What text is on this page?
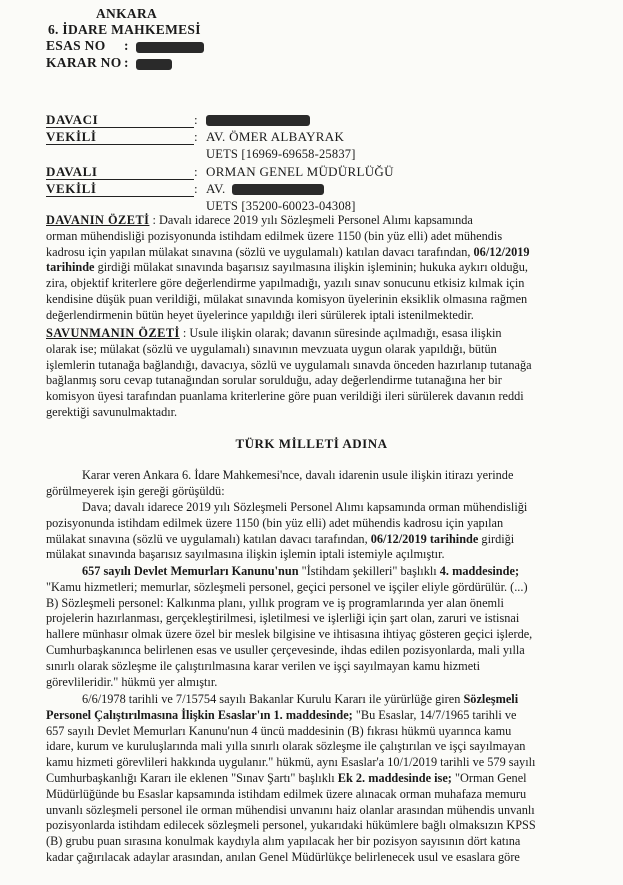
ANKARA
6. İDARE MAHKEMESİ
ESAS NO :
KARAR NO :
DAVACI	:
VEKİLİ	: AV. ÖMER ALBAYRAK
UETS [16969-69658-25837]
DAVALI	: ORMAN GENEL MÜDÜRLÜĞÜ
VEKİLİ	: AV.
UETS [35200-60023-04308]

DAVANIN ÖZETİ : Davalı idarece 2019 yılı Sözleşmeli Personel Alımı kapsamında

orman mühendisliği pozisyonunda istihdam edilmek üzere 1150 (bin yüz elli) adet mühendis

kadrosu için yapılan mülakat sınavına (sözlü ve uygulamalı) katılan davacı tarafından, 06/12/2019

tarihinde girdiği mülakat sınavında başarısız sayılmasına ilişkin işleminin; hukuka aykırı olduğu,

zira, objektif kriterlere göre değerlendirme yapılmadığı, yazılı sınav sonucunu etkisiz kılmak için

kendisine düşük puan verildiği, mülakat sınavında komisyon üyelerinin eksiklik olmasına rağmen

değerlendirmenin bütün heyet üyelerince yapıldığı ileri sürülerek iptali istenilmektedir.

SAVUNMANIN ÖZETİ : Usule ilişkin olarak; davanın süresinde açılmadığı, esasa ilişkin

olarak ise; mülakat (sözlü ve uygulamalı) sınavının mevzuata uygun olarak yapıldığı, bütün

işlemlerin tutanağa bağlandığı, davacıya, sözlü ve uygulamalı sınavda önceden hazırlanıp tutanağa

bağlanmış soru cevap tutanağından sorular sorulduğu, aday değerlendirme tutanağına her bir

komisyon üyesi tarafından puanlama kriterlerine göre puan verildiği ileri sürülerek davanın reddi

gerektiği savunulmaktadır.

TÜRK MİLLETİ ADINA

Karar veren Ankara 6. İdare Mahkemesi'nce, davalı idarenin usule ilişkin itirazı yerinde

görülmeyerek işin gereği görüşüldü:

Dava; davalı idarece 2019 yılı Sözleşmeli Personel Alımı kapsamında orman mühendisliği

pozisyonunda istihdam edilmek üzere 1150 (bin yüz elli) adet mühendis kadrosu için yapılan

mülakat sınavına (sözlü ve uygulamalı) katılan davacı tarafından, 06/12/2019 tarihinde girdiği

mülakat sınavında başarısız sayılmasına ilişkin işlemin iptali istemiyle açılmıştır.

657 sayılı Devlet Memurları Kanunu'nun "İstihdam şekilleri" başlıklı 4. maddesinde;

"Kamu hizmetleri; memurlar, sözleşmeli personel, geçici personel ve işçiler eliyle gördürülür. (...)

B) Sözleşmeli personel: Kalkınma planı, yıllık program ve iş programlarında yer alan önemli

projelerin hazırlanması, gerçekleştirilmesi, işletilmesi ve işlerliği için şart olan, zaruri ve istisnai

hallere münhasır olmak üzere özel bir meslek bilgisine ve ihtisasına ihtiyaç gösteren geçici işlerde,

Cumhurbaşkanınca belirlenen esas ve usuller çerçevesinde, ihdas edilen pozisyonlarda, mali yılla

sınırlı olarak sözleşme ile çalıştırılmasına karar verilen ve işçi sayılmayan kamu hizmeti

görevlileridir." hükmü yer almıştır.

6/6/1978 tarihli ve 7/15754 sayılı Bakanlar Kurulu Kararı ile yürürlüğe giren Sözleşmeli

Personel Çalıştırılmasına İlişkin Esaslar'ın 1. maddesinde; "Bu Esaslar, 14/7/1965 tarihli ve

657 sayılı Devlet Memurları Kanunu'nun 4 üncü maddesinin (B) fıkrası hükmü uyarınca kamu

idare, kurum ve kuruluşlarında mali yılla sınırlı olarak sözleşme ile çalıştırılan ve işçi sayılmayan

kamu hizmeti görevlileri hakkında uygulanır." hükmü, aynı Esaslar'a 10/1/2019 tarihli ve 579 sayılı

Cumhurbaşkanlığı Kararı ile eklenen "Sınav Şartı" başlıklı Ek 2. maddesinde ise; "Orman Genel

Müdürlüğünde bu Esaslar kapsamında istihdam edilmek üzere alınacak orman muhafaza memuru

unvanlı sözleşmeli personel ile orman mühendisi unvanını haiz olanlar arasından mühendis unvanlı

pozisyonlarda istihdam edilecek sözleşmeli personel, yukarıdaki hükümlere bağlı olmaksızın KPSS

(B) grubu puan sırasına konulmak kaydıyla alım yapılacak her bir pozisyon sayısının dört katına

kadar çağırılacak adaylar arasından, anılan Genel Müdürlükçe belirlenecek usul ve esaslara göre
